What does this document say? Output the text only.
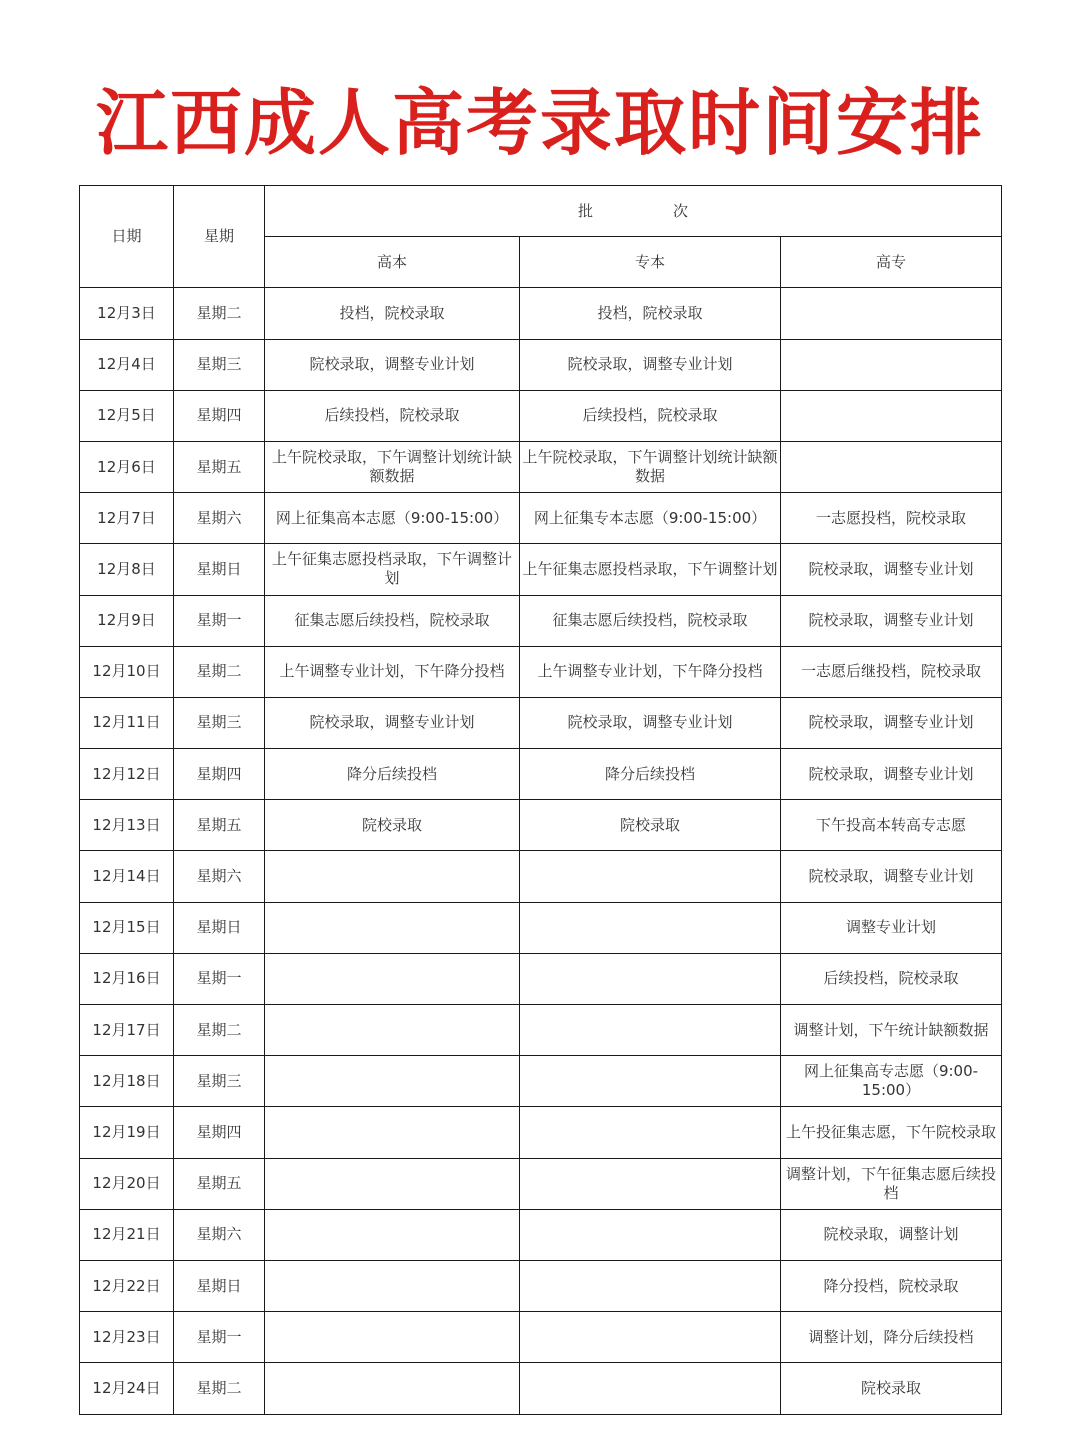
江西成人高考录取时间安排
日期	星期	批 次		
		高本	专本	高专
12月3日	星期二	投档，院校录取	投档，院校录取	
12月4日	星期三	院校录取，调整专业计划	院校录取，调整专业计划	
12月5日	星期四	后续投档，院校录取	后续投档，院校录取	
12月6日	星期五	上午院校录取，下午调整计划统计缺额数据	上午院校录取，下午调整计划统计缺额数据	
12月7日	星期六	网上征集高本志愿（9:00-15:00）	网上征集专本志愿（9:00-15:00）	一志愿投档，院校录取
12月8日	星期日	上午征集志愿投档录取，下午调整计划	上午征集志愿投档录取，下午调整计划	院校录取，调整专业计划
12月9日	星期一	征集志愿后续投档，院校录取	征集志愿后续投档，院校录取	院校录取，调整专业计划
12月10日	星期二	上午调整专业计划，下午降分投档	上午调整专业计划，下午降分投档	一志愿后继投档，院校录取
12月11日	星期三	院校录取，调整专业计划	院校录取，调整专业计划	院校录取，调整专业计划
12月12日	星期四	降分后续投档	降分后续投档	院校录取，调整专业计划
12月13日	星期五	院校录取	院校录取	下午投高本转高专志愿
12月14日	星期六			院校录取，调整专业计划
12月15日	星期日			调整专业计划
12月16日	星期一			后续投档，院校录取
12月17日	星期二			调整计划，下午统计缺额数据
12月18日	星期三			网上征集高专志愿（9:00-15:00）
12月19日	星期四			上午投征集志愿，下午院校录取
12月20日	星期五			调整计划，下午征集志愿后续投档
12月21日	星期六			院校录取，调整计划
12月22日	星期日			降分投档，院校录取
12月23日	星期一			调整计划，降分后续投档
12月24日	星期二			院校录取
